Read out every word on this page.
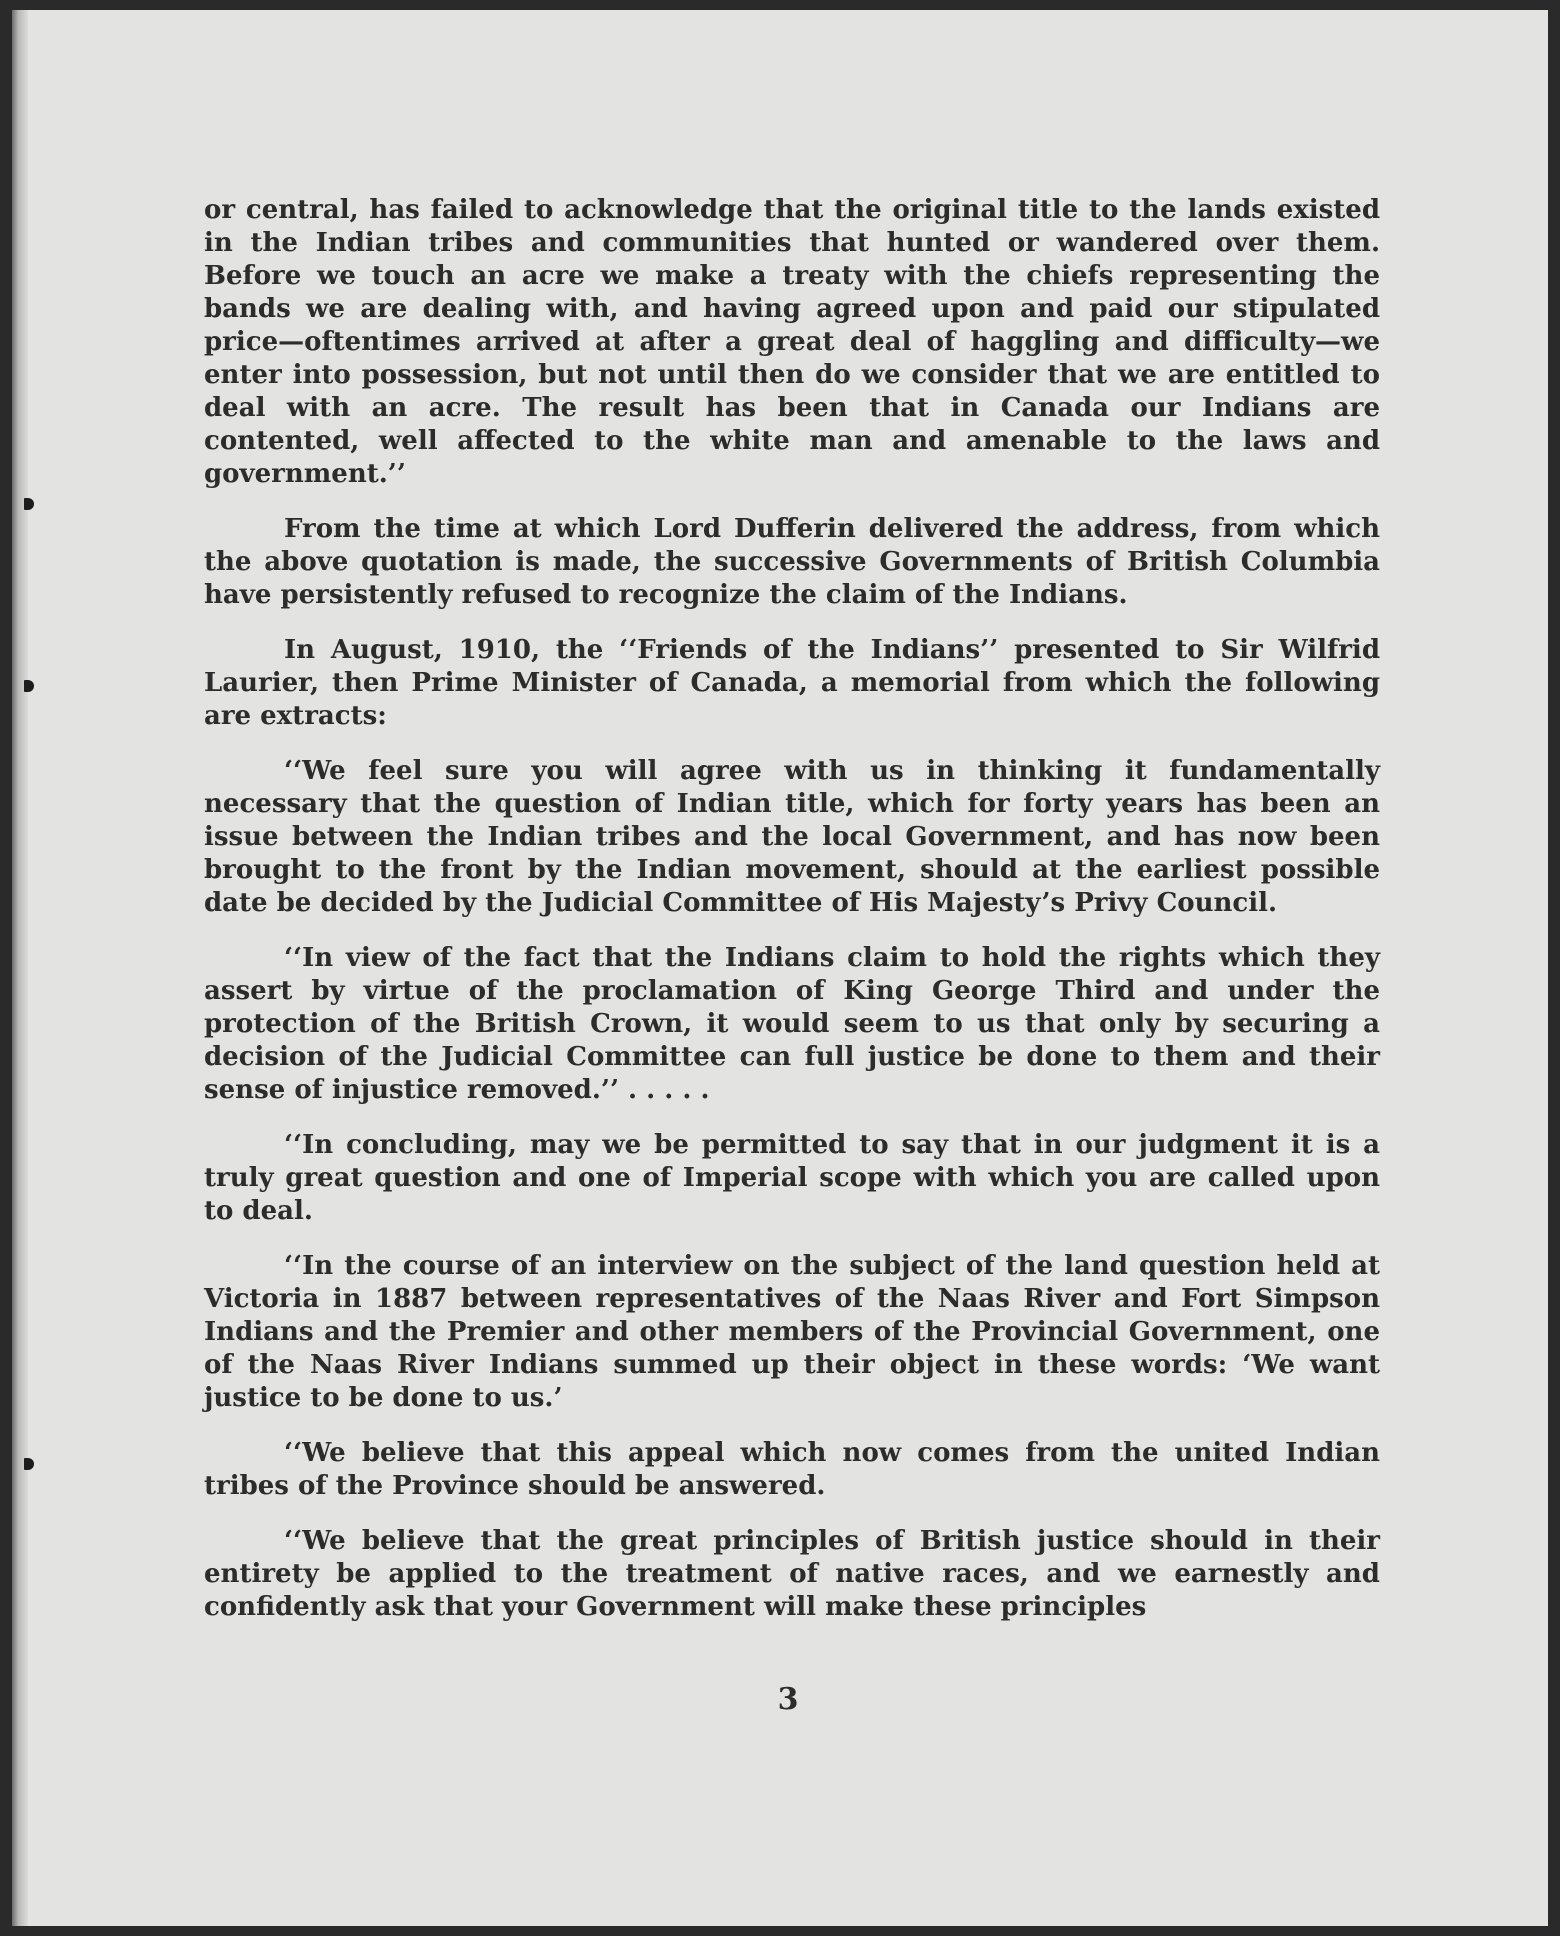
or central, has failed to acknowledge that the original title to the lands existed in the Indian tribes and communities that hunted or wandered over them. Before we touch an acre we make a treaty with the chiefs representing the bands we are dealing with, and having agreed upon and paid our stipulated price—oftentimes arrived at after a great deal of haggling and difficulty—we enter into possession, but not until then do we consider that we are entitled to deal with an acre. The result has been that in Canada our Indians are contented, well affected to the white man and amenable to the laws and government.’’

From the time at which Lord Dufferin delivered the address, from which the above quotation is made, the successive Governments of British Columbia have persistently refused to recognize the claim of the Indians.

In August, 1910, the ‘‘Friends of the Indians’’ presented to Sir Wilfrid Laurier, then Prime Minister of Canada, a memorial from which the following are extracts:

‘‘We feel sure you will agree with us in thinking it fundamentally necessary that the question of Indian title, which for forty years has been an issue between the Indian tribes and the local Government, and has now been brought to the front by the Indian movement, should at the earliest possible date be decided by the Judicial Committee of His Majesty’s Privy Council.

‘‘In view of the fact that the Indians claim to hold the rights which they assert by virtue of the proclamation of King George Third and under the protection of the British Crown, it would seem to us that only by securing a decision of the Judicial Committee can full justice be done to them and their sense of injustice removed.’’ . . . . .

‘‘In concluding, may we be permitted to say that in our judgment it is a truly great question and one of Imperial scope with which you are called upon to deal.

‘‘In the course of an interview on the subject of the land question held at Victoria in 1887 between representatives of the Naas River and Fort Simpson Indians and the Premier and other members of the Provincial Government, one of the Naas River Indians summed up their object in these words: ‘We want justice to be done to us.’

‘‘We believe that this appeal which now comes from the united Indian tribes of the Province should be answered.

‘‘We believe that the great principles of British justice should in their entirety be applied to the treatment of native races, and we earnestly and confidently ask that your Government will make these principles

3
